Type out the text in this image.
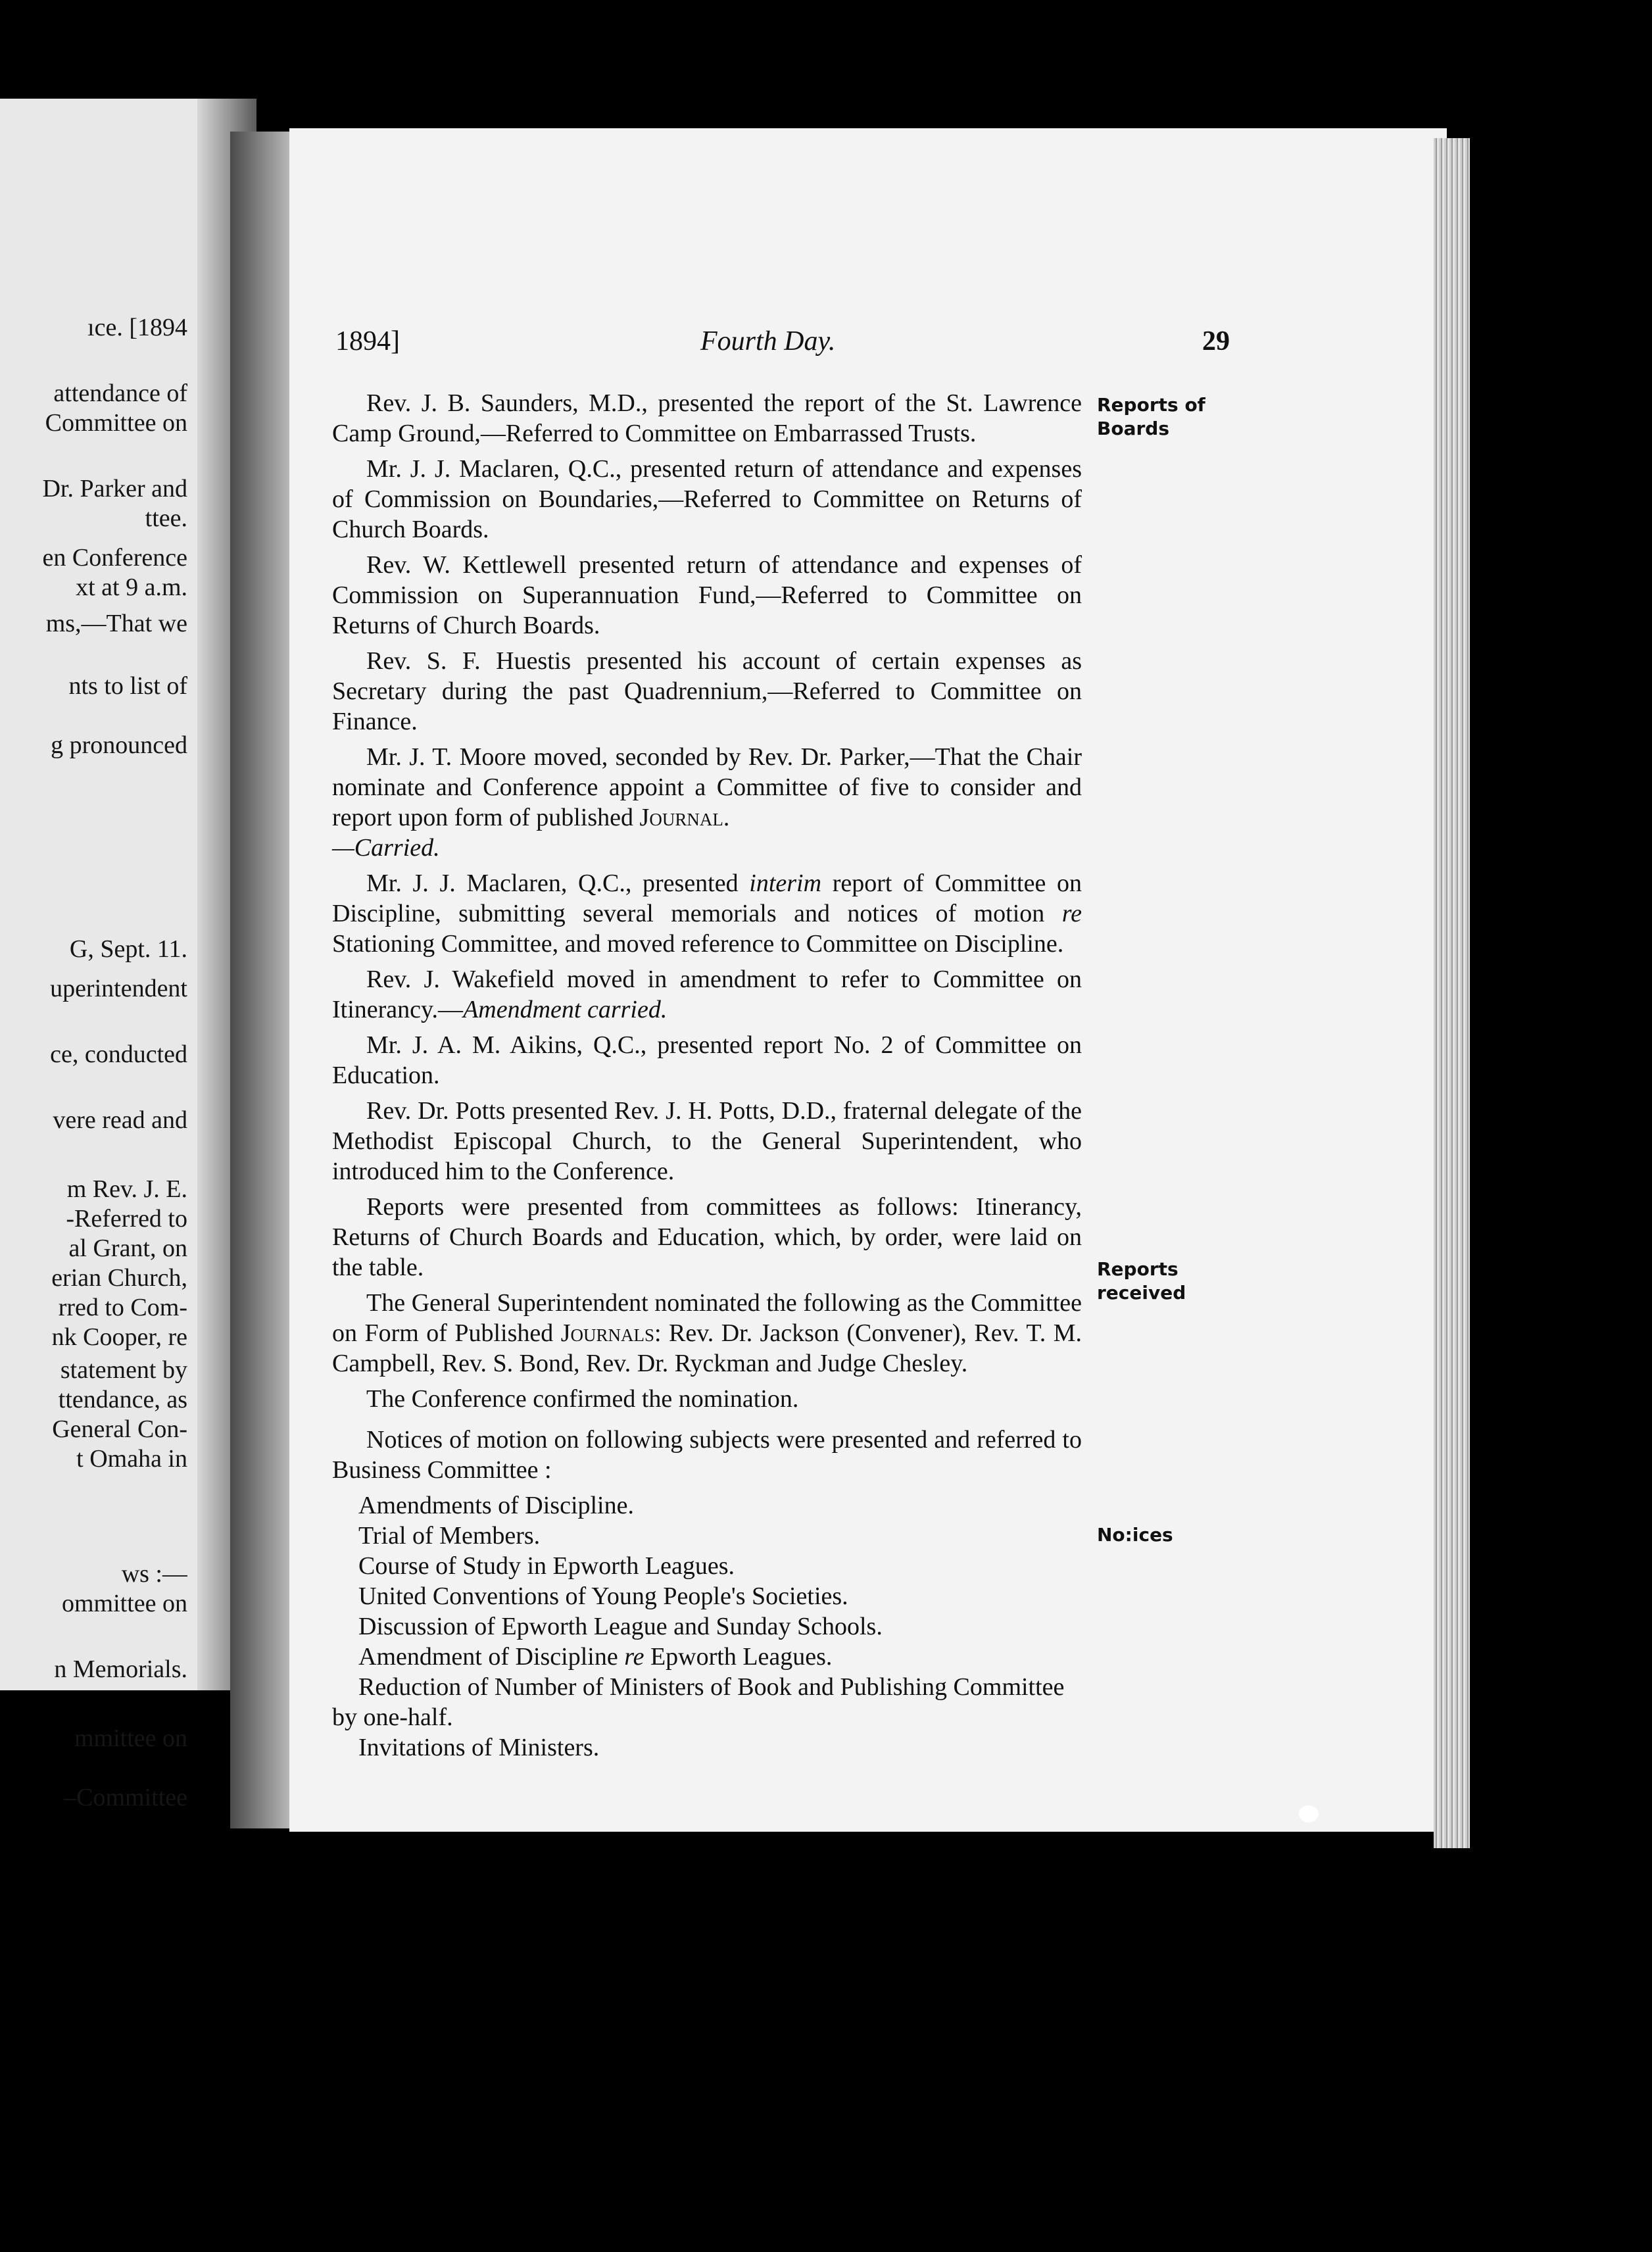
ıce. [1894
attendance of
Committee on
Dr. Parker and
ttee.
en Conference
xt at 9 a.m.
ms,—That we
nts to list of
g pronounced
G, Sept. 11.
uperintendent
ce, conducted
vere read and
m Rev. J. E.
-Referred to
al Grant, on
erian Church,
rred to Com-
nk Cooper, re
statement by
ttendance, as
General Con-
t Omaha in
ws :—
ommittee on
n Memorials.
mmittee on
–Committee
1894]	Fourth Day.	29
Reports of
Boards
Reports
received
No:ices

Rev. J. B. Saunders, M.D., presented the report of the St. Lawrence Camp Ground,—Referred to Committee on Embarrassed Trusts.

Mr. J. J. Maclaren, Q.C., presented return of attendance and expenses of Commission on Boundaries,—Referred to Committee on Returns of Church Boards.

Rev. W. Kettlewell presented return of attendance and expenses of Commission on Superannuation Fund,—Referred to Committee on Returns of Church Boards.

Rev. S. F. Huestis presented his account of certain expenses as Secretary during the past Quadrennium,—Referred to Committee on Finance.

Mr. J. T. Moore moved, seconded by Rev. Dr. Parker,—That the Chair nominate and Conference appoint a Committee of five to consider and report upon form of published Journal.
—Carried.

Mr. J. J. Maclaren, Q.C., presented interim report of Committee on Discipline, submitting several memorials and notices of motion re Stationing Committee, and moved reference to Committee on Discipline.

Rev. J. Wakefield moved in amendment to refer to Committee on Itinerancy.—Amendment carried.

Mr. J. A. M. Aikins, Q.C., presented report No. 2 of Committee on Education.

Rev. Dr. Potts presented Rev. J. H. Potts, D.D., fraternal delegate of the Methodist Episcopal Church, to the General Superintendent, who introduced him to the Conference.

Reports were presented from committees as follows: Itinerancy, Returns of Church Boards and Education, which, by order, were laid on the table.

The General Superintendent nominated the following as the Committee on Form of Published Journals: Rev. Dr. Jackson (Convener), Rev. T. M. Campbell, Rev. S. Bond, Rev. Dr. Ryckman and Judge Chesley.

The Conference confirmed the nomination.

Notices of motion on following subjects were presented and referred to Business Committee :

Amendments of Discipline.

Trial of Members.

Course of Study in Epworth Leagues.

United Conventions of Young People's Societies.

Discussion of Epworth League and Sunday Schools.

Amendment of Discipline re Epworth Leagues.

Reduction of Number of Ministers of Book and Publishing Committee by one-half.

Invitations of Ministers.
